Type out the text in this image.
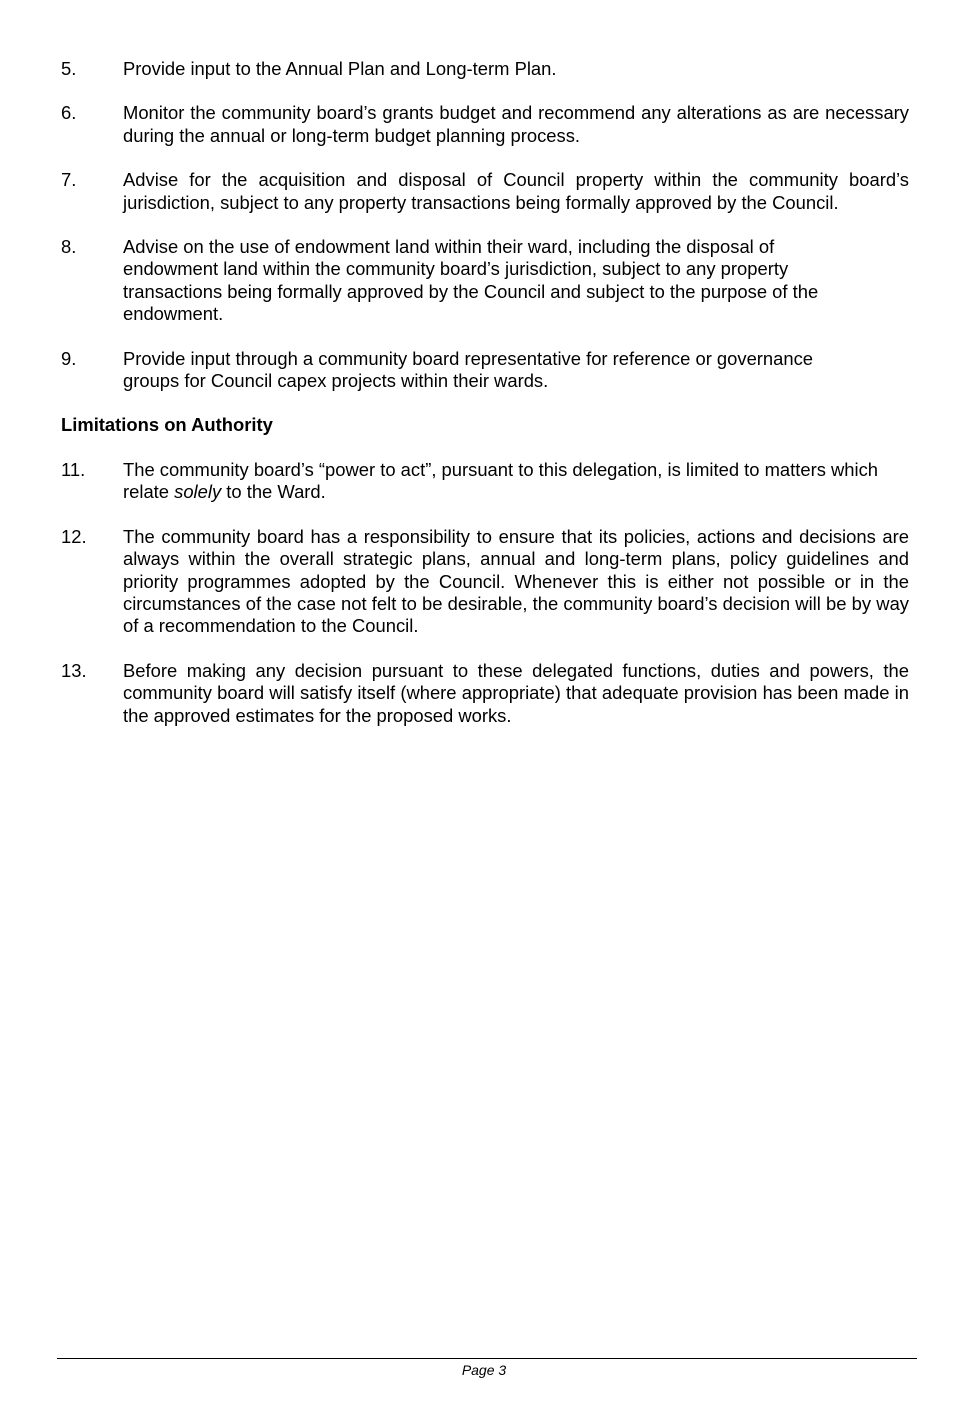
5.	Provide input to the Annual Plan and Long-term Plan.
6.	Monitor the community board’s grants budget and recommend any alterations as are necessary during the annual or long-term budget planning process.
7.	Advise for the acquisition and disposal of Council property within the community board’s jurisdiction, subject to any property transactions being formally approved by the Council.
8.	Advise on the use of endowment land within their ward, including the disposal of endowment land within the community board’s jurisdiction, subject to any property transactions being formally approved by the Council and subject to the purpose of the endowment.
9.	Provide input through a community board representative for reference or governance groups for Council capex projects within their wards.
Limitations on Authority
11.	The community board’s “power to act”, pursuant to this delegation, is limited to matters which relate solely to the Ward.
12.	The community board has a responsibility to ensure that its policies, actions and decisions are always within the overall strategic plans, annual and long-term plans, policy guidelines and priority programmes adopted by the Council. Whenever this is either not possible or in the circumstances of the case not felt to be desirable, the community board’s decision will be by way of a recommendation to the Council.
13.	Before making any decision pursuant to these delegated functions, duties and powers, the community board will satisfy itself (where appropriate) that adequate provision has been made in the approved estimates for the proposed works.
Page 3
